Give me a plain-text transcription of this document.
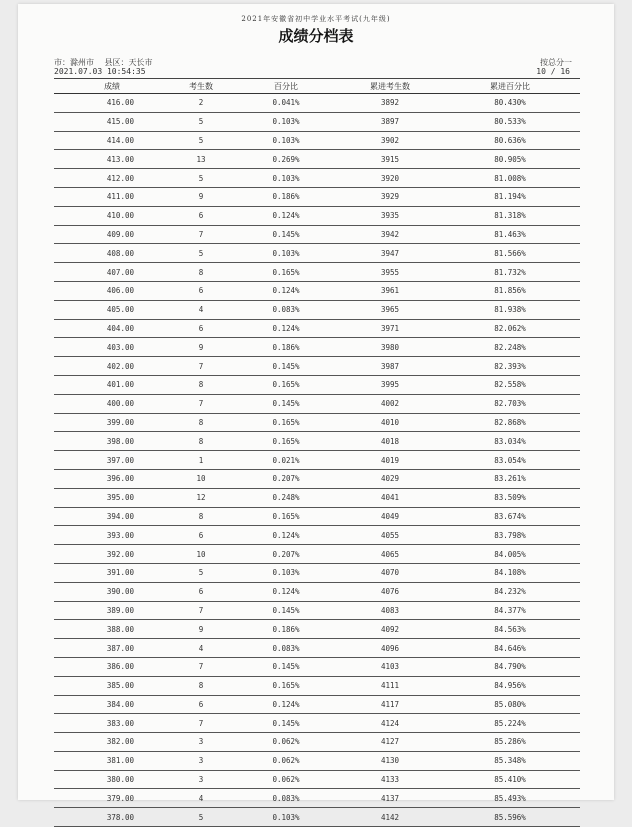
2021年安徽省初中学业水平考试(九年级)
成绩分档表
市：滁州市 县区：天长市
2021.07.03 10:54:35
按总分一
10 / 16
成绩	考生数	百分比	累进考生数	累进百分比
416.00	2	0.041%	3892	80.430%
415.00	5	0.103%	3897	80.533%
414.00	5	0.103%	3902	80.636%
413.00	13	0.269%	3915	80.905%
412.00	5	0.103%	3920	81.008%
411.00	9	0.186%	3929	81.194%
410.00	6	0.124%	3935	81.318%
409.00	7	0.145%	3942	81.463%
408.00	5	0.103%	3947	81.566%
407.00	8	0.165%	3955	81.732%
406.00	6	0.124%	3961	81.856%
405.00	4	0.083%	3965	81.938%
404.00	6	0.124%	3971	82.062%
403.00	9	0.186%	3980	82.248%
402.00	7	0.145%	3987	82.393%
401.00	8	0.165%	3995	82.558%
400.00	7	0.145%	4002	82.703%
399.00	8	0.165%	4010	82.868%
398.00	8	0.165%	4018	83.034%
397.00	1	0.021%	4019	83.054%
396.00	10	0.207%	4029	83.261%
395.00	12	0.248%	4041	83.509%
394.00	8	0.165%	4049	83.674%
393.00	6	0.124%	4055	83.798%
392.00	10	0.207%	4065	84.005%
391.00	5	0.103%	4070	84.108%
390.00	6	0.124%	4076	84.232%
389.00	7	0.145%	4083	84.377%
388.00	9	0.186%	4092	84.563%
387.00	4	0.083%	4096	84.646%
386.00	7	0.145%	4103	84.790%
385.00	8	0.165%	4111	84.956%
384.00	6	0.124%	4117	85.080%
383.00	7	0.145%	4124	85.224%
382.00	3	0.062%	4127	85.286%
381.00	3	0.062%	4130	85.348%
380.00	3	0.062%	4133	85.410%
379.00	4	0.083%	4137	85.493%
378.00	5	0.103%	4142	85.596%
